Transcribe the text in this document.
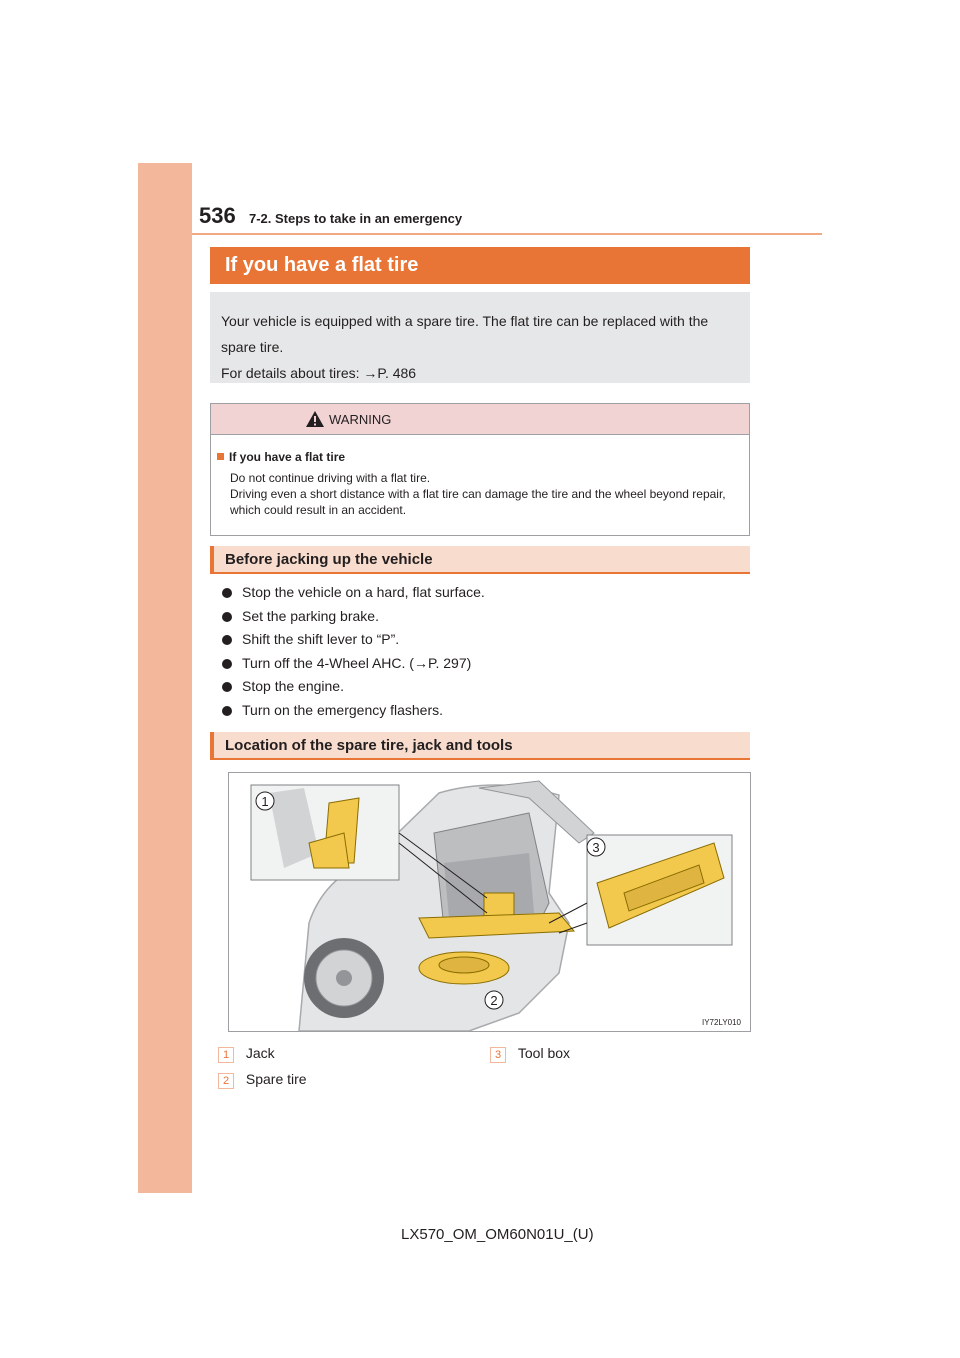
536 7-2. Steps to take in an emergency
If you have a flat tire
Your vehicle is equipped with a spare tire. The flat tire can be replaced with the spare tire.
For details about tires: →P. 486
WARNING
If you have a flat tire
Do not continue driving with a flat tire.
Driving even a short distance with a flat tire can damage the tire and the wheel beyond repair, which could result in an accident.
Before jacking up the vehicle
Stop the vehicle on a hard, flat surface.
Set the parking brake.
Shift the shift lever to “P”.
Turn off the 4-Wheel AHC. (→P. 297)
Stop the engine.
Turn on the emergency flashers.
Location of the spare tire, jack and tools
1
2
3
IY72LY010
1 Jack	3 Tool box
2 Spare tire
LX570_OM_OM60N01U_(U)
